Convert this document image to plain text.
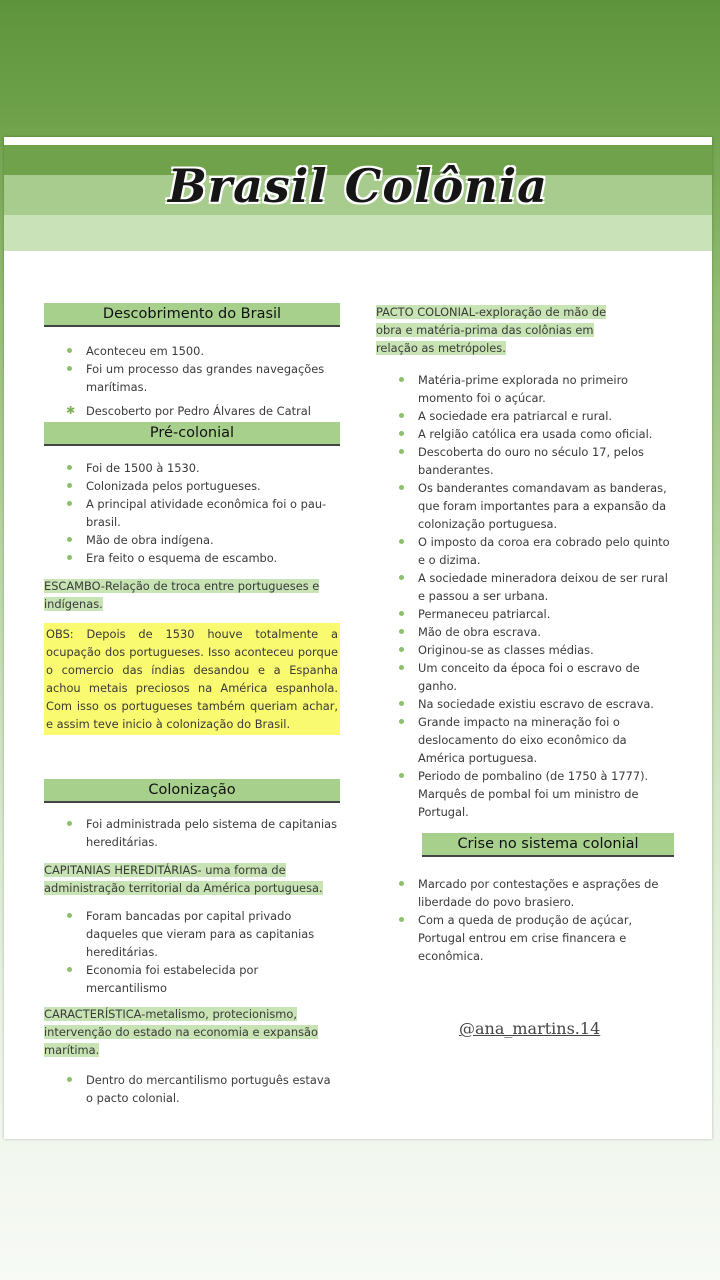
Brasil Colônia
Descobrimento do Brasil
Aconteceu em 1500.
Foi um processo das grandes navegações marítimas.
✱ Descoberto por Pedro Álvares de Catral
Pré-colonial
Foi de 1500 à 1530.
Colonizada pelos portugueses.
A principal atividade econômica foi o pau-brasil.
Mão de obra indígena.
Era feito o esquema de escambo.
ESCAMBO-Relação de troca entre portugueses e indígenas.
OBS: Depois de 1530 houve totalmente a ocupação dos portugueses. Isso aconteceu porque o comercio das índias desandou e a Espanha achou metais preciosos na América espanhola. Com isso os portugueses também queriam achar, e assim teve inicio à colonização do Brasil.
Colonização
Foi administrada pelo sistema de capitanias hereditárias.
CAPITANIAS HEREDITÁRIAS- uma forma de administração territorial da América portuguesa.
Foram bancadas por capital privado daqueles que vieram para as capitanias hereditárias.
Economia foi estabelecida por mercantilismo
CARACTERÍSTICA-metalismo, protecionismo, intervenção do estado na economia e expansão marítima.
Dentro do mercantilismo português estava o pacto colonial.
PACTO COLONIAL-exploração de mão de obra e matéria-prima das colônias em relação as metrópoles.
Matéria-prime explorada no primeiro momento foi o açúcar.
A sociedade era patriarcal e rural.
A relgião católica era usada como oficial.
Descoberta do ouro no século 17, pelos banderantes.
Os banderantes comandavam as banderas, que foram importantes para a expansão da colonização portuguesa.
O imposto da coroa era cobrado pelo quinto e o dizima.
A sociedade mineradora deixou de ser rural e passou a ser urbana.
Permaneceu patriarcal.
Mão de obra escrava.
Originou-se as classes médias.
Um conceito da época foi o escravo de ganho.
Na sociedade existiu escravo de escrava.
Grande impacto na mineração foi o deslocamento do eixo econômico da América portuguesa.
Periodo de pombalino (de 1750 à 1777). Marquês de pombal foi um ministro de Portugal.
Crise no sistema colonial
Marcado por contestações e asprações de liberdade do povo brasiero.
Com a queda de produção de açúcar, Portugal entrou em crise financera e econômica.
@ana_martins.14
